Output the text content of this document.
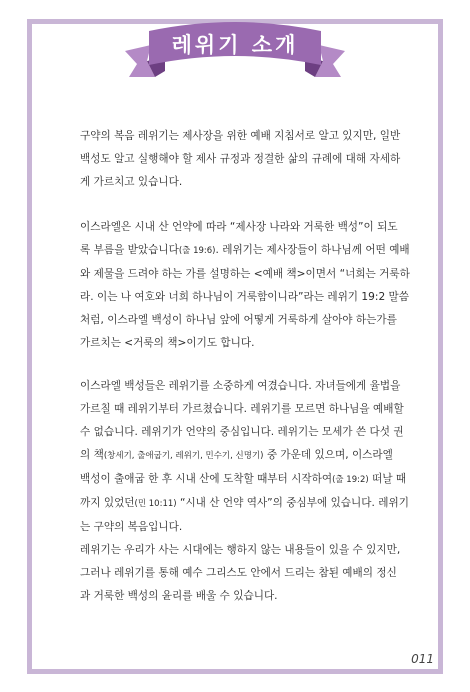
레위기 소개
구약의 복음 레위기는 제사장을 위한 예배 지침서로 알고 있지만, 일반
백성도 알고 실행해야 할 제사 규정과 정결한 삶의 규례에 대해 자세하
게 가르치고 있습니다.
이스라엘은 시내 산 언약에 따라 “제사장 나라와 거룩한 백성”이 되도
록 부름을 받았습니다(출 19:6). 레위기는 제사장들이 하나님께 어떤 예배
와 제물을 드려야 하는 가를 설명하는 <예배 책>이면서 “너희는 거룩하
라. 이는 나 여호와 너희 하나님이 거룩함이니라”라는 레위기 19:2 말씀
처럼, 이스라엘 백성이 하나님 앞에 어떻게 거룩하게 살아야 하는가를
가르치는 <거룩의 책>이기도 합니다.
이스라엘 백성들은 레위기를 소중하게 여겼습니다. 자녀들에게 율법을
가르칠 때 레위기부터 가르쳤습니다. 레위기를 모르면 하나님을 예배할
수 없습니다. 레위기가 언약의 중심입니다. 레위기는 모세가 쓴 다섯 권
의 책(창세기, 출애굽기, 레위기, 민수기, 신명기) 중 가운데 있으며, 이스라엘
백성이 출애굽 한 후 시내 산에 도착할 때부터 시작하여(출 19:2) 떠날 때
까지 있었던(민 10:11) “시내 산 언약 역사”의 중심부에 있습니다. 레위기
는 구약의 복음입니다.
레위기는 우리가 사는 시대에는 행하지 않는 내용들이 있을 수 있지만,
그러나 레위기를 통해 예수 그리스도 안에서 드리는 참된 예배의 정신
과 거룩한 백성의 윤리를 배울 수 있습니다.
011
